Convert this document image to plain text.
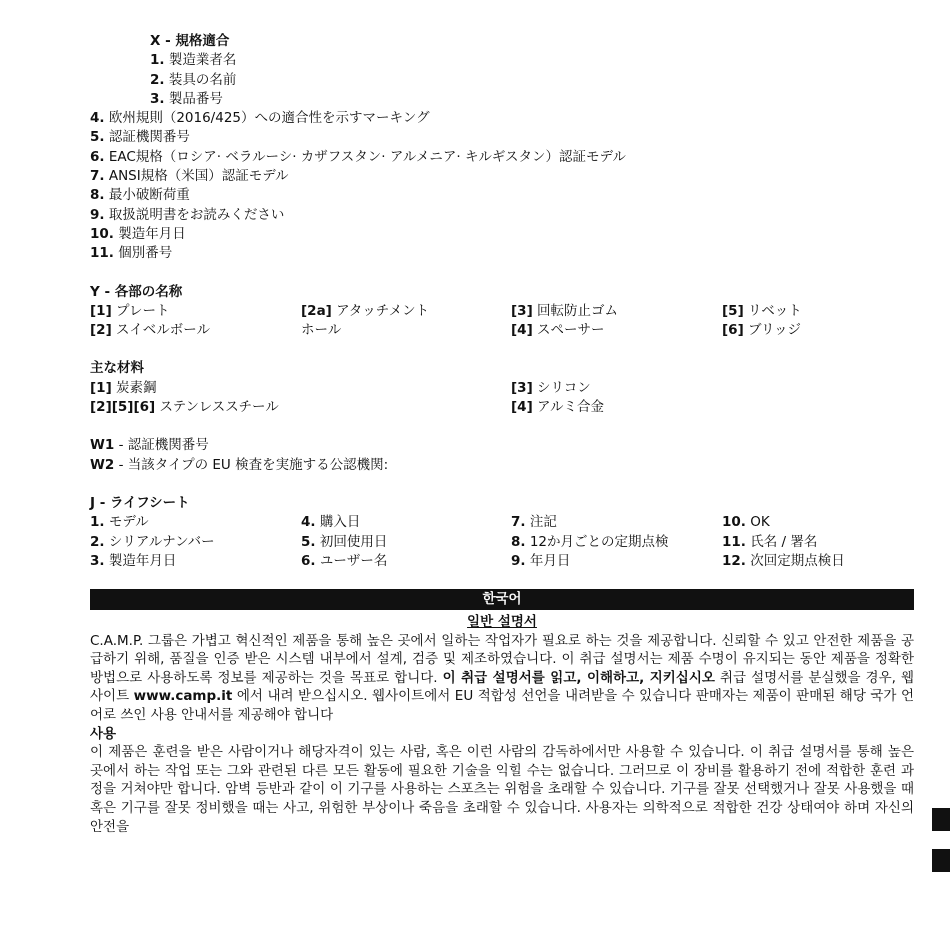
X - 規格適合
1. 製造業者名
2. 装具の名前
3. 製品番号
4. 欧州規則（2016/425）への適合性を示すマーキング
5. 認証機関番号
6. EAC規格（ロシア· ベラルーシ· カザフスタン· アルメニア· キルギスタン）認証モデル
7. ANSI規格（米国）認証モデル
8. 最小破断荷重
9. 取扱説明書をお読みください
10. 製造年月日
11. 個別番号
Y - 各部の名称
[1] プレート	[2a] アタッチメント	[3] 回転防止ゴム	[5] リベット
[2] スイベルボール	ホール	[4] スペーサー	[6] ブリッジ
主な材料
[1] 炭素鋼	[3] シリコン
[2][5][6] ステンレススチール	[4] アルミ合金
W1 - 認証機関番号
W2 - 当該タイプの EU 検査を実施する公認機関:
J - ライフシート
1. モデル	4. 購入日	7. 注記	10. OK
2. シリアルナンバー	5. 初回使用日	8. 12か月ごとの定期点検	11. 氏名 / 署名
3. 製造年月日	6. ユーザー名	9. 年月日	12. 次回定期点検日
한국어
일반 설명서

C.A.M.P. 그룹은 가볍고 혁신적인 제품을 통해 높은 곳에서 일하는 작업자가 필요로 하는 것을 제공합니다. 신뢰할 수 있고 안전한 제품을 공급하기 위해, 품질을 인증 받은 시스템 내부에서 설계, 검증 및 제조하였습니다. 이 취급 설명서는 제품 수명이 유지되는 동안 제품을 정확한 방법으로 사용하도록 정보를 제공하는 것을 목표로 합니다. 이 취급 설명서를 읽고, 이해하고, 지키십시오 취급 설명서를 분실했을 경우, 웹사이트 www.camp.it 에서 내려 받으십시오. 웹사이트에서 EU 적합성 선언을 내려받을 수 있습니다 판매자는 제품이 판매된 해당 국가 언어로 쓰인 사용 안내서를 제공해야 합니다

사용

이 제품은 훈련을 받은 사람이거나 해당자격이 있는 사람, 혹은 이런 사람의 감독하에서만 사용할 수 있습니다. 이 취급 설명서를 통해 높은 곳에서 하는 작업 또는 그와 관련된 다른 모든 활동에 필요한 기술을 익힐 수는 없습니다. 그러므로 이 장비를 활용하기 전에 적합한 훈련 과정을 거쳐야만 합니다. 암벽 등반과 같이 이 기구를 사용하는 스포츠는 위험을 초래할 수 있습니다. 기구를 잘못 선택했거나 잘못 사용했을 때 혹은 기구를 잘못 정비했을 때는 사고, 위험한 부상이나 죽음을 초래할 수 있습니다. 사용자는 의학적으로 적합한 건강 상태여야 하며 자신의 안전을
